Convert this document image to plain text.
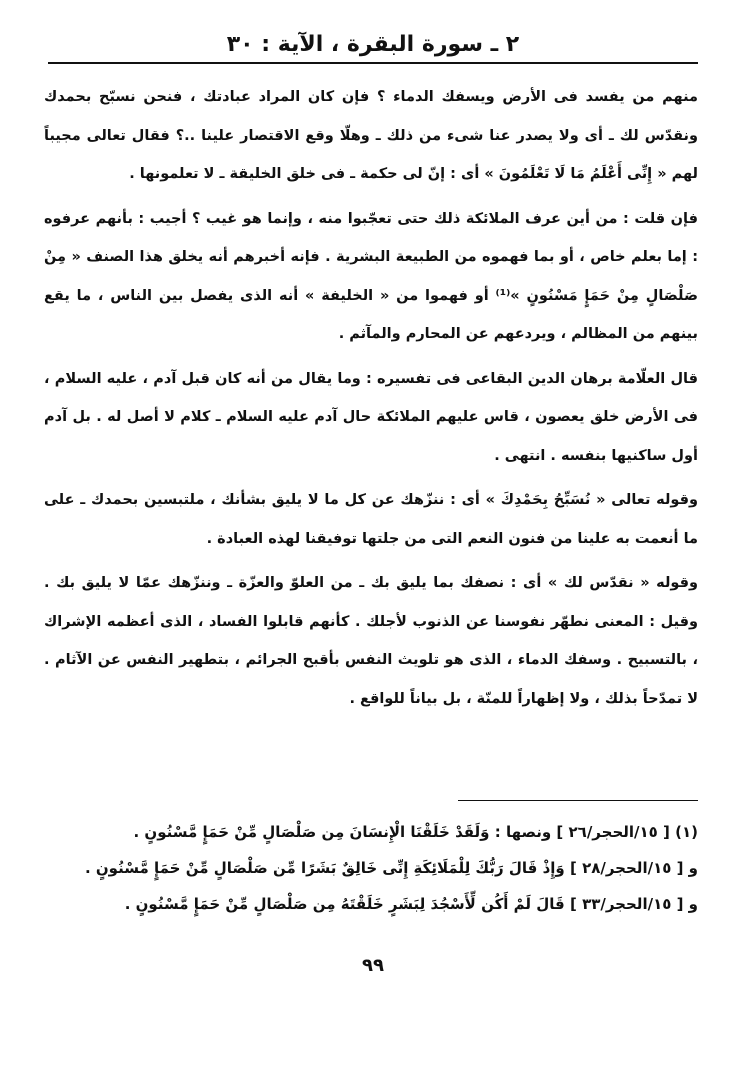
٢ ـ سورة البقرة ، الآية : ٣٠

منهم من يفسد فى الأرض ويسفك الدماء ؟ فإن كان المراد عبادتك ، فنحن نسبّح بحمدك ونقدّس لك ـ أى ولا يصدر عنا شىء من ذلك ـ وهلّا وقع الاقتصار علينا ..؟ فقال تعالى مجيباً لهم « إِنِّى أَعْلَمُ مَا لَا تَعْلَمُونَ » أى : إنّ لى حكمة ـ فى خلق الخليقة ـ لا تعلمونها .

فإن قلت : من أين عرف الملائكة ذلك حتى تعجّبوا منه ، وإنما هو غيب ؟ أجيب : بأنهم عرفوه : إما بعلم خاص ، أو بما فهموه من الطبيعة البشرية . فإنه أخبرهم أنه يخلق هذا الصنف « مِنْ صَلْصَالٍ مِنْ حَمَإٍ مَسْنُونٍ »⁽¹⁾ أو فهموا من « الخليفة » أنه الذى يفصل بين الناس ، ما يقع بينهم من المظالم ، ويردعهم عن المحارم والمآثم .

قال العلّامة برهان الدين البقاعى فى تفسيره : وما يقال من أنه كان قبل آدم ، عليه السلام ، فى الأرض خلق يعصون ، قاس عليهم الملائكة حال آدم عليه السلام ـ كلام لا أصل له . بل آدم أول ساكنيها بنفسه . انتهى .

وقوله تعالى « نُسَبِّحُ بِحَمْدِكَ » أى : ننزّهك عن كل ما لا يليق بشأنك ، ملتبسين بحمدك ـ على ما أنعمت به علينا من فنون النعم التى من جلتها توفيقنا لهذه العبادة .

وقوله « نقدّس لك » أى : نصفك بما يليق بك ـ من العلوّ والعزّة ـ وننزّهك عمّا لا يليق بك . وقيل : المعنى نطهّر نفوسنا عن الذنوب لأجلك . كأنهم قابلوا الفساد ، الذى أعظمه الإشراك ، بالتسبيح . وسفك الدماء ، الذى هو تلويث النفس بأقبح الجرائم ، بتطهير النفس عن الآثام . لا تمدّحاً بذلك ، ولا إظهاراً للمنّة ، بل بياناً للواقع .

(١) [ ١٥/الحجر/٢٦ ] ونصها : وَلَقَدْ خَلَقْنَا الْإِنسَانَ مِن صَلْصَالٍ مِّنْ حَمَإٍ مَّسْنُونٍ .

و [ ١٥/الحجر/٢٨ ] وَإِذْ قَالَ رَبُّكَ لِلْمَلَائِكَةِ إِنِّى خَالِقٌ بَشَرًا مِّن صَلْصَالٍ مِّنْ حَمَإٍ مَّسْنُونٍ .

و [ ١٥/الحجر/٣٣ ] قَالَ لَمْ أَكُن لِّأَسْجُدَ لِبَشَرٍ خَلَقْتَهُ مِن صَلْصَالٍ مِّنْ حَمَإٍ مَّسْنُونٍ .

٩٩
